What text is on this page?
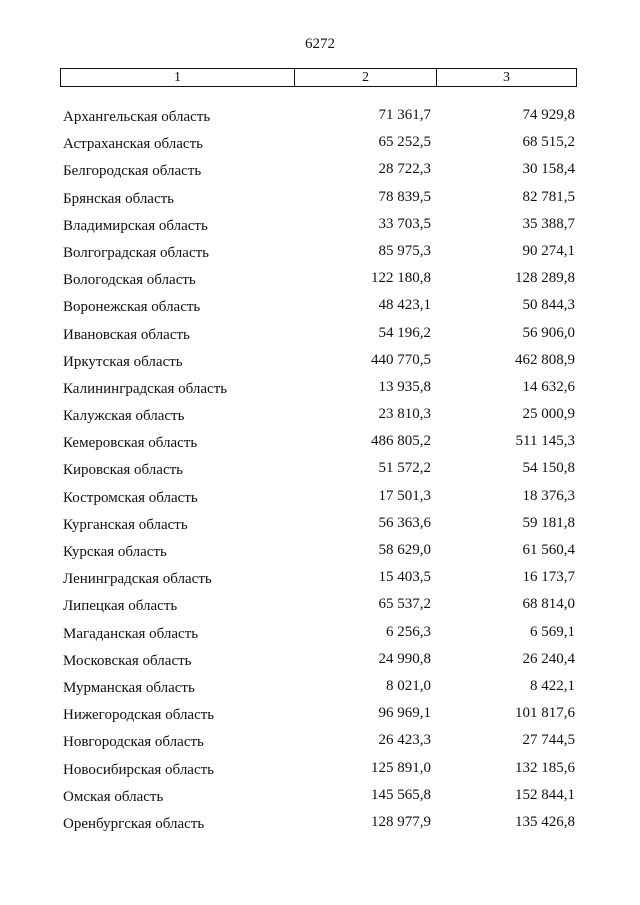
6272
1	2	3
Архангельская область	71 361,7	74 929,8
Астраханская область	65 252,5	68 515,2
Белгородская область	28 722,3	30 158,4
Брянская область	78 839,5	82 781,5
Владимирская область	33 703,5	35 388,7
Волгоградская область	85 975,3	90 274,1
Вологодская область	122 180,8	128 289,8
Воронежская область	48 423,1	50 844,3
Ивановская область	54 196,2	56 906,0
Иркутская область	440 770,5	462 808,9
Калининградская область	13 935,8	14 632,6
Калужская область	23 810,3	25 000,9
Кемеровская область	486 805,2	511 145,3
Кировская область	51 572,2	54 150,8
Костромская область	17 501,3	18 376,3
Курганская область	56 363,6	59 181,8
Курская область	58 629,0	61 560,4
Ленинградская область	15 403,5	16 173,7
Липецкая область	65 537,2	68 814,0
Магаданская область	6 256,3	6 569,1
Московская область	24 990,8	26 240,4
Мурманская область	8 021,0	8 422,1
Нижегородская область	96 969,1	101 817,6
Новгородская область	26 423,3	27 744,5
Новосибирская область	125 891,0	132 185,6
Омская область	145 565,8	152 844,1
Оренбургская область	128 977,9	135 426,8
